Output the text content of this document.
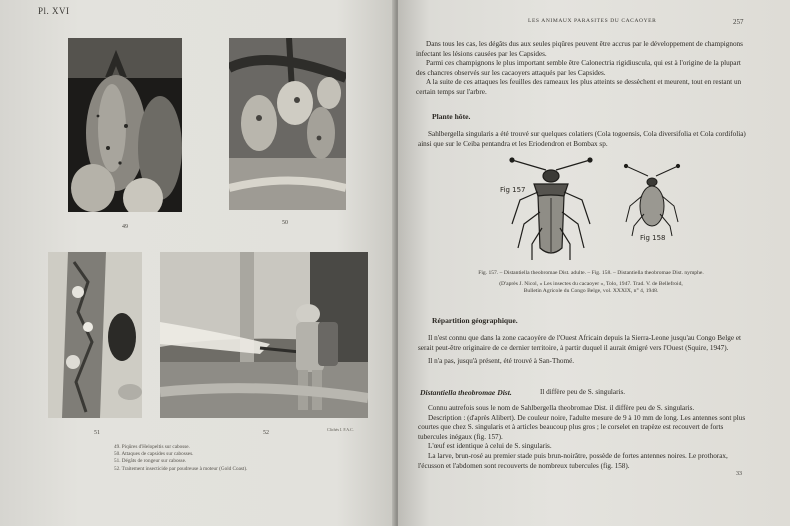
Pl. XVI
49
50
51	52
Clichés I. F.A.C.
49. Piqûres d'Helopeltis sur cabosse.
50. Attaques de capsides sur cabosses.
51. Dégâts de rongeur sur cabosse.
52. Traitement insecticide par poudreuse à moteur (Gold Coast).
LES ANIMAUX PARASITES DU CACAOYER	257

Dans tous les cas, les dégâts dus aux seules piqûres peuvent être accrus par le développement de champignons infectant les lésions causées par les Capsides.

Parmi ces champignons le plus important semble être Calonectria rigidiuscula, qui est à l'origine de la plupart des chancres observés sur les cacaoyers attaqués par les Capsides.

A la suite de ces attaques les feuilles des rameaux les plus atteints se dessèchent et meurent, tout en restant un certain temps sur l'arbre.

Plante hôte.
Sahlbergella singularis a été trouvé sur quelques colatiers (Cola togoensis, Cola diversifolia et Cola cordifolia) ainsi que sur le Ceiba pentandra et les Eriodendron et Bombax sp.
Fig 157
Fig 158
Fig. 157. – Distantiella theobromae Dist. adulte. – Fig. 158. – Distantiella theobromae Dist. nymphe.
(D'après J. Nicol, « Les insectes du cacaoyer », Tolo, 1947. Trad. V. de Bellefroid,
Bulletin Agricole du Congo Belge, vol. XXXIX, n° 4, 1948.
Répartition géographique.

Il n'est connu que dans la zone cacaoyère de l'Ouest Africain depuis la Sierra-Leone jusqu'au Congo Belge et serait peut-être originaire de ce dernier territoire, à partir duquel il aurait émigré vers l'Ouest (Squire, 1947).

Il n'a pas, jusqu'à présent, été trouvé à San-Thomé.

Distantiella theobromae Dist.	Il diffère peu de S. singularis.

Connu autrefois sous le nom de Sahlbergella theobromae Dist. il diffère peu de S. singularis.

Description : (d'après Alibert). De couleur noire, l'adulte mesure de 9 à 10 mm de long. Les antennes sont plus courtes que chez S. singularis et à articles beaucoup plus gros ; le corselet en trapèze est recouvert de forts tubercules inégaux (fig. 157).

L'œuf est identique à celui de S. singularis.

La larve, brun-rosé au premier stade puis brun-noirâtre, possède de fortes antennes noires. Le prothorax, l'écusson et l'abdomen sont recouverts de nombreux tubercules (fig. 158).

33
